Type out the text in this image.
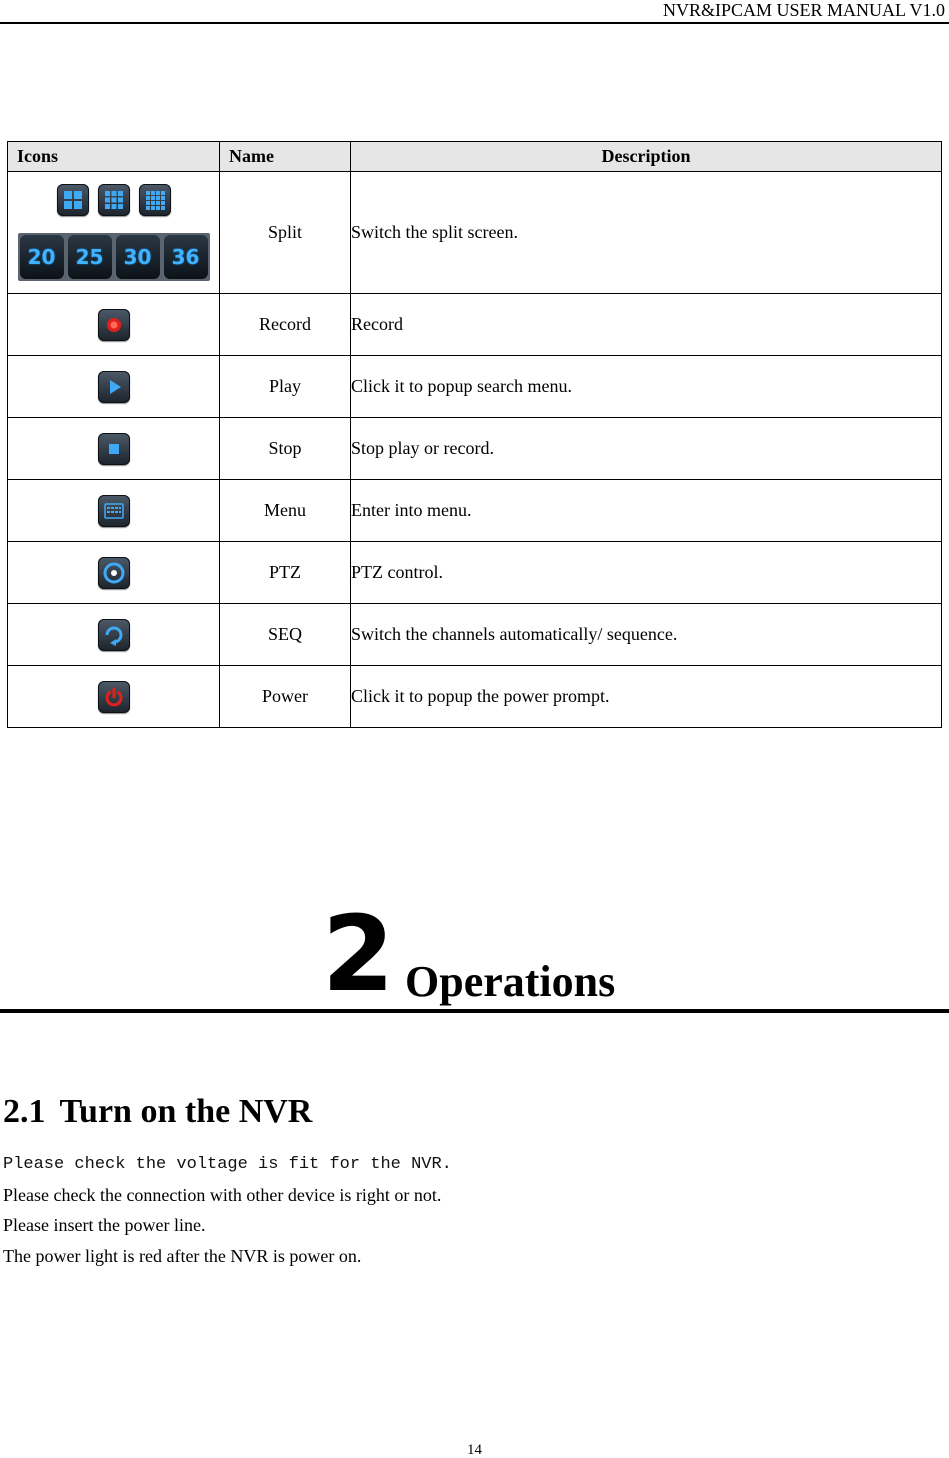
NVR&IPCAM USER MANUAL V1.0
Icons	Name	Description

20 25 30 36	Split	Switch the split screen.

	Record	Record

	Play	Click it to popup search menu.

	Stop	Stop play or record.

	Menu	Enter into menu.

	PTZ	PTZ control.

	SEQ	Switch the channels automatically/ sequence.

	Power	Click it to popup the power prompt.
2 Operations
2.1 Turn on the NVR
Please check the voltage is fit for the NVR.
Please check the connection with other device is right or not.
Please insert the power line.
The power light is red after the NVR is power on.
14
